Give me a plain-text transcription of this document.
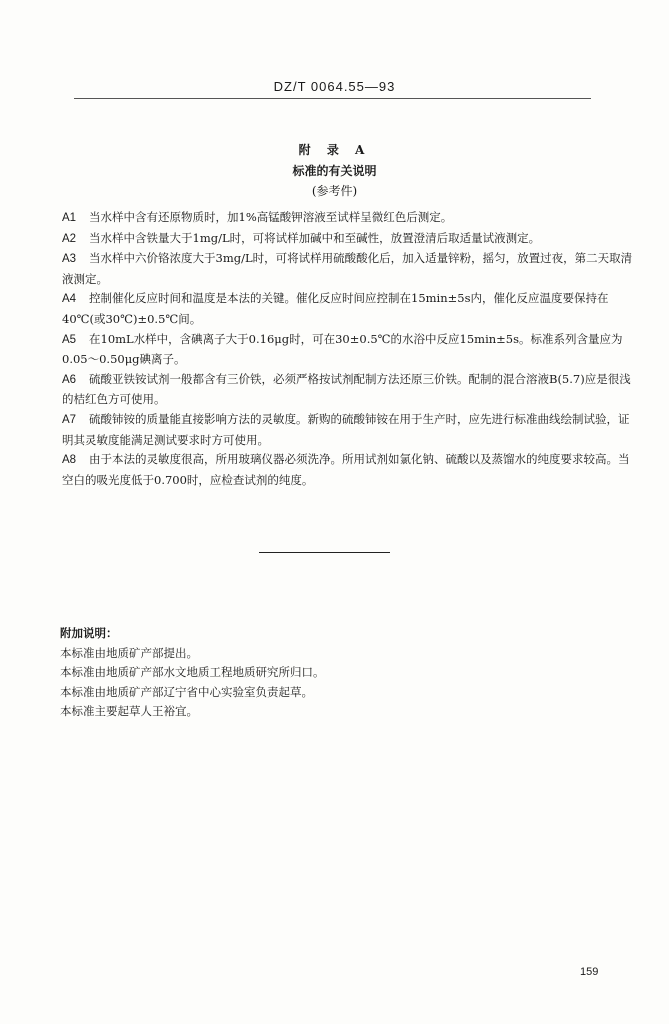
DZ/T 0064.55—93
附 录 A
标准的有关说明
(参考件)

A1 当水样中含有还原物质时，加1%高锰酸钾溶液至试样呈微红色后测定。

A2 当水样中含铁量大于1mg/L时，可将试样加碱中和至碱性，放置澄清后取适量试液测定。

A3 当水样中六价铬浓度大于3mg/L时，可将试样用硫酸酸化后，加入适量锌粉，摇匀，放置过夜，第二天取清液测定。

A4 控制催化反应时间和温度是本法的关键。催化反应时间应控制在15min±5s内，催化反应温度要保持在40℃(或30℃)±0.5℃间。

A5 在10mL水样中，含碘离子大于0.16μg时，可在30±0.5℃的水浴中反应15min±5s。标准系列含量应为0.05～0.50μg碘离子。

A6 硫酸亚铁铵试剂一般都含有三价铁，必须严格按试剂配制方法还原三价铁。配制的混合溶液B(5.7)应是很浅的桔红色方可使用。

A7 硫酸铈铵的质量能直接影响方法的灵敏度。新购的硫酸铈铵在用于生产时，应先进行标准曲线绘制试验，证明其灵敏度能满足测试要求时方可使用。

A8 由于本法的灵敏度很高，所用玻璃仪器必须洗净。所用试剂如氯化钠、硫酸以及蒸馏水的纯度要求较高。当空白的吸光度低于0.700时，应检查试剂的纯度。

附加说明：
本标准由地质矿产部提出。
本标准由地质矿产部水文地质工程地质研究所归口。
本标准由地质矿产部辽宁省中心实验室负责起草。
本标准主要起草人王裕宜。
159
